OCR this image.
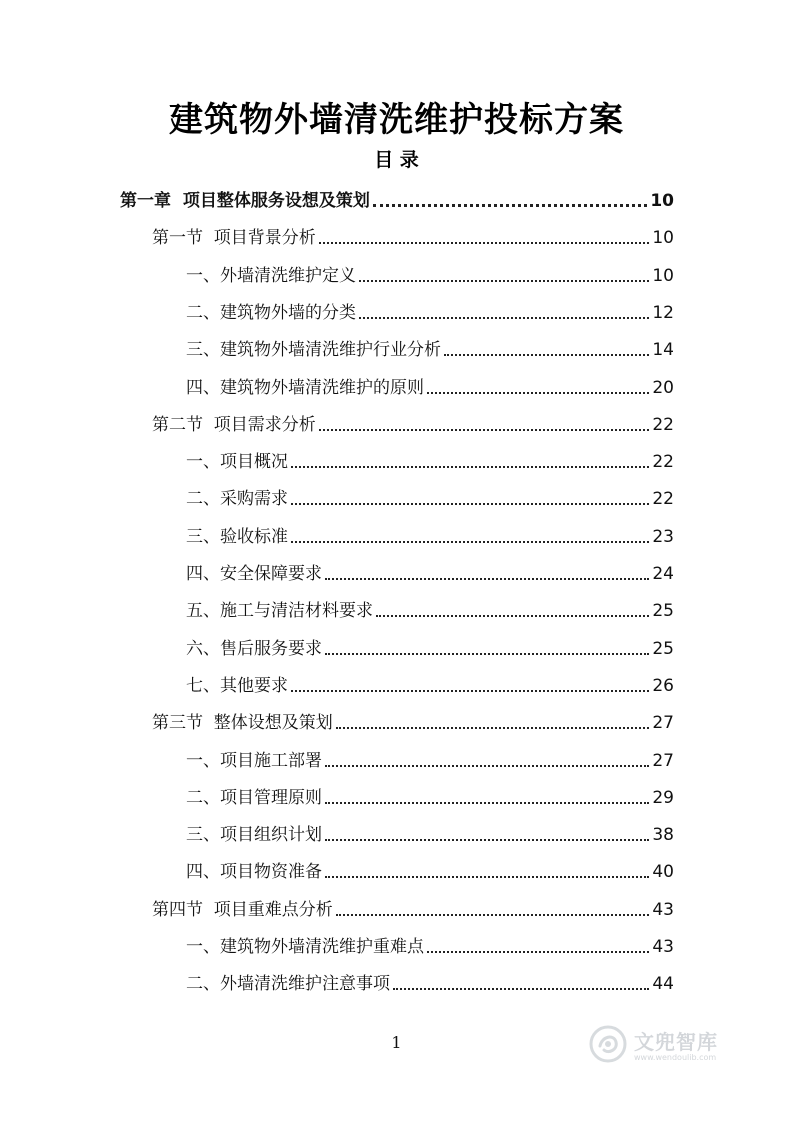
建筑物外墙清洗维护投标方案
目 录
第一章  项目整体服务设想及策划	10
第一节  项目背景分析	10
一、外墙清洗维护定义	10
二、建筑物外墙的分类	12
三、建筑物外墙清洗维护行业分析	14
四、建筑物外墙清洗维护的原则	20
第二节  项目需求分析	22
一、项目概况	22
二、采购需求	22
三、验收标准	23
四、安全保障要求	24
五、施工与清洁材料要求	25
六、售后服务要求	25
七、其他要求	26
第三节  整体设想及策划	27
一、项目施工部署	27
二、项目管理原则	29
三、项目组织计划	38
四、项目物资准备	40
第四节  项目重难点分析	43
一、建筑物外墙清洗维护重难点	43
二、外墙清洗维护注意事项	44
1	文兜智库
www.wendoulib.com
